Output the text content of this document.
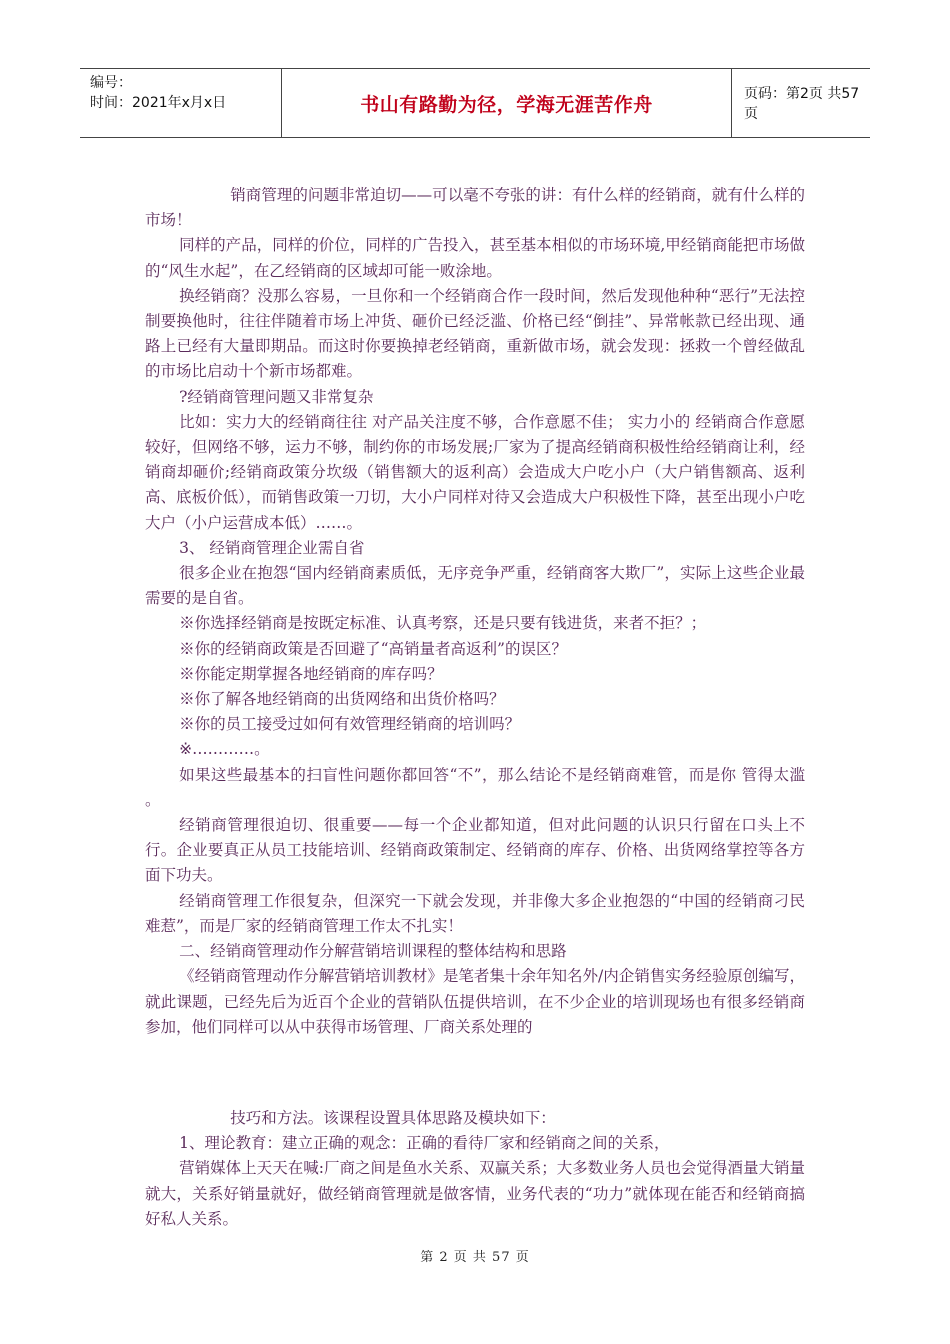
编号：
时间：2021年x月x日	书山有路勤为径，学海无涯苦作舟	页码：第2页 共57页

销商管理的问题非常迫切——可以毫不夸张的讲：有什么样的经销商，就有什么样的市场！

同样的产品，同样的价位，同样的广告投入，甚至基本相似的市场环境,甲经销商能把市场做的“风生水起”，在乙经销商的区域却可能一败涂地。

换经销商？没那么容易，一旦你和一个经销商合作一段时间，然后发现他种种“恶行”无法控制要换他时，往往伴随着市场上冲货、砸价已经泛滥、价格已经“倒挂”、异常帐款已经出现、通路上已经有大量即期品。而这时你要换掉老经销商，重新做市场，就会发现：拯救一个曾经做乱的市场比启动十个新市场都难。

?经销商管理问题又非常复杂

比如：实力大的经销商往往 对产品关注度不够，合作意愿不佳； 实力小的 经销商合作意愿较好，但网络不够，运力不够，制约你的市场发展;厂家为了提高经销商积极性给经销商让利，经销商却砸价;经销商政策分坎级（销售额大的返利高）会造成大户吃小户（大户销售额高、返利高、底板价低），而销售政策一刀切，大小户同样对待又会造成大户积极性下降，甚至出现小户吃大户（小户运营成本低）……。

3、 经销商管理企业需自省

很多企业在抱怨“国内经销商素质低，无序竞争严重，经销商客大欺厂”，实际上这些企业最需要的是自省。

※你选择经销商是按既定标准、认真考察，还是只要有钱进货，来者不拒？；

※你的经销商政策是否回避了“高销量者高返利”的误区？

※你能定期掌握各地经销商的库存吗？

※你了解各地经销商的出货网络和出货价格吗？

※你的员工接受过如何有效管理经销商的培训吗？

※…………。

如果这些最基本的扫盲性问题你都回答“不”，那么结论不是经销商难管，而是你 管得太滥 。

经销商管理很迫切、很重要——每一个企业都知道，但对此问题的认识只行留在口头上不行。企业要真正从员工技能培训、经销商政策制定、经销商的库存、价格、出货网络掌控等各方面下功夫。

经销商管理工作很复杂，但深究一下就会发现，并非像大多企业抱怨的“中国的经销商刁民难惹”，而是厂家的经销商管理工作太不扎实！

二、经销商管理动作分解营销培训课程的整体结构和思路

《经销商管理动作分解营销培训教材》是笔者集十余年知名外/内企销售实务经验原创编写，就此课题，已经先后为近百个企业的营销队伍提供培训，在不少企业的培训现场也有很多经销商参加，他们同样可以从中获得市场管理、厂商关系处理的

技巧和方法。该课程设置具体思路及模块如下：

1、理论教育：建立正确的观念：正确的看待厂家和经销商之间的关系，

营销媒体上天天在喊:厂商之间是鱼水关系、双赢关系；大多数业务人员也会觉得酒量大销量就大，关系好销量就好，做经销商管理就是做客情，业务代表的“功力”就体现在能否和经销商搞好私人关系。

第 2 页 共 57 页
